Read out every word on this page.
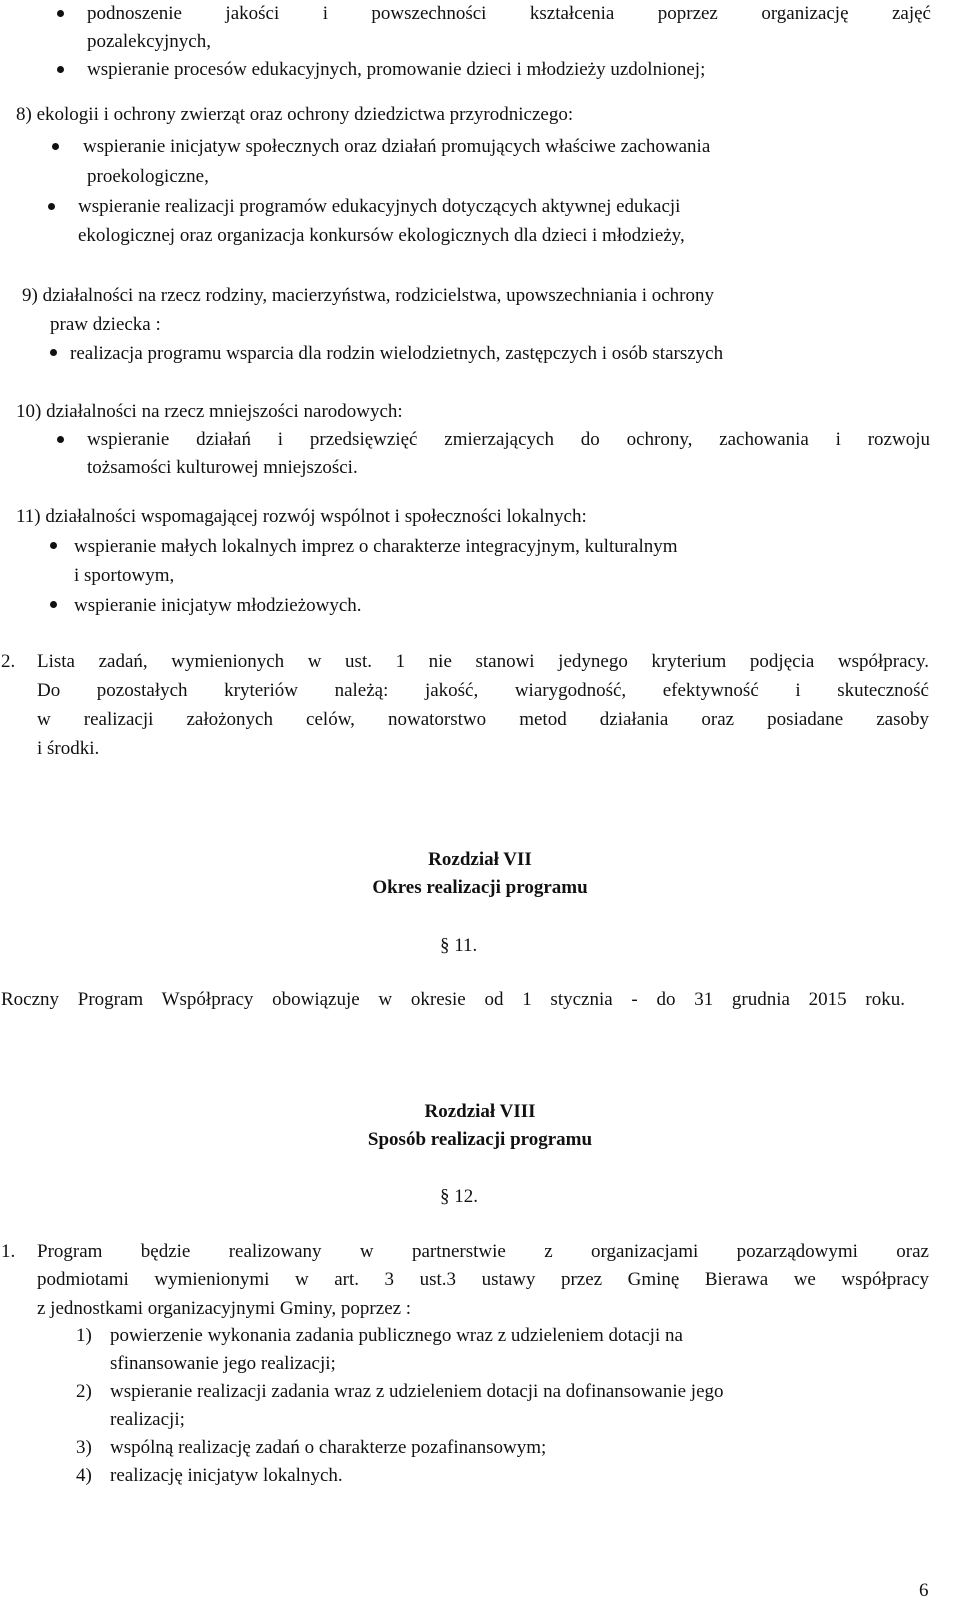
podnoszenie jakości i powszechności kształcenia poprzez organizację zajęć
pozalekcyjnych,
wspieranie procesów edukacyjnych, promowanie dzieci i młodzieży uzdolnionej;
8) ekologii i ochrony zwierząt oraz ochrony dziedzictwa przyrodniczego:
wspieranie inicjatyw społecznych oraz działań promujących właściwe zachowania
proekologiczne,
wspieranie realizacji programów edukacyjnych dotyczących aktywnej edukacji
ekologicznej oraz organizacja konkursów ekologicznych dla dzieci i młodzieży,
9) działalności na rzecz rodziny, macierzyństwa, rodzicielstwa, upowszechniania i ochrony
praw dziecka :
realizacja programu wsparcia dla rodzin wielodzietnych, zastępczych i osób starszych
10) działalności na rzecz mniejszości narodowych:
wspieranie działań i przedsięwzięć zmierzających do ochrony, zachowania i rozwoju
tożsamości kulturowej mniejszości.
11) działalności wspomagającej rozwój wspólnot i społeczności lokalnych:
wspieranie małych lokalnych imprez o charakterze integracyjnym, kulturalnym
i sportowym,
wspieranie inicjatyw młodzieżowych.
2. Lista zadań, wymienionych w ust. 1 nie stanowi jedynego kryterium podjęcia współpracy.
Do pozostałych kryteriów należą: jakość, wiarygodność, efektywność i skuteczność
w realizacji założonych celów, nowatorstwo metod działania oraz posiadane zasoby
i środki.
Rozdział VII
Okres realizacji programu
§ 11.
Roczny Program Współpracy obowiązuje w okresie od 1 stycznia - do 31 grudnia 2015 roku.
Rozdział VIII
Sposób realizacji programu
§ 12.
1. Program będzie realizowany w partnerstwie z organizacjami pozarządowymi oraz
podmiotami wymienionymi w art. 3 ust.3 ustawy przez Gminę Bierawa we współpracy
z jednostkami organizacyjnymi Gminy, poprzez :
1) powierzenie wykonania zadania publicznego wraz z udzieleniem dotacji na
sfinansowanie jego realizacji;
2) wspieranie realizacji zadania wraz z udzieleniem dotacji na dofinansowanie jego
realizacji;
3) wspólną realizację zadań o charakterze pozafinansowym;
4) realizację inicjatyw lokalnych.
6
